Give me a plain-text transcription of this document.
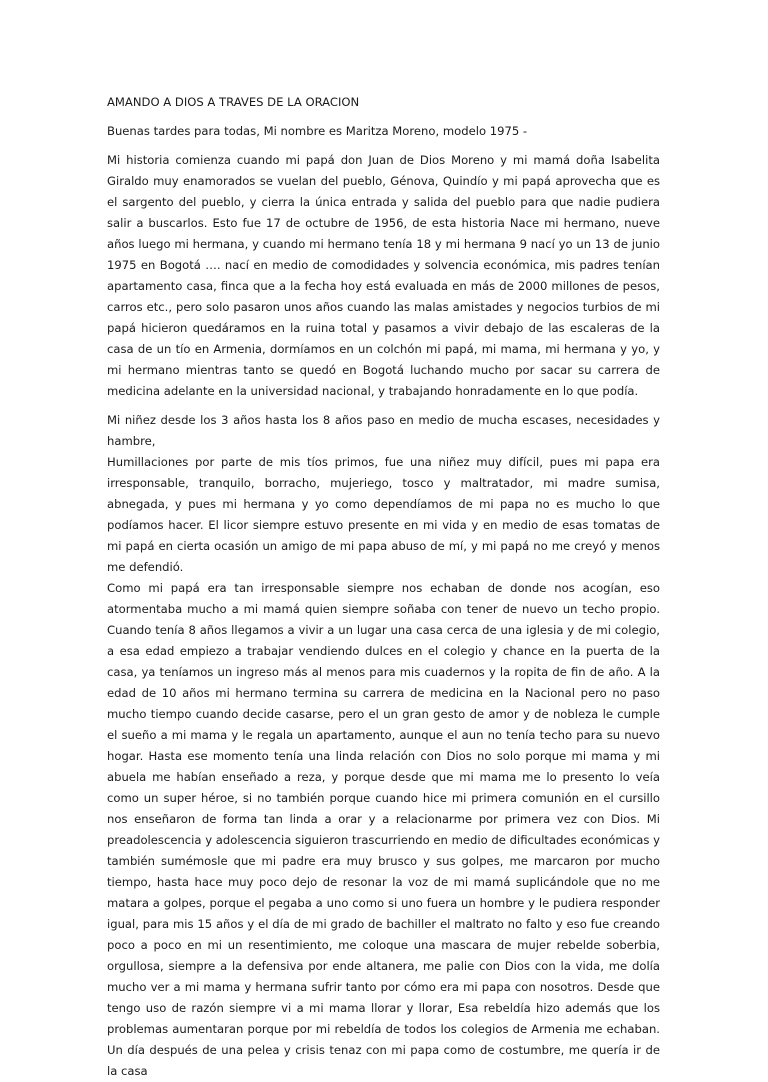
AMANDO A DIOS A TRAVES DE LA ORACION

Buenas tardes para todas, Mi nombre es Maritza Moreno, modelo 1975 -

Mi historia comienza cuando mi papá don Juan de Dios Moreno y mi mamá doña Isabelita Giraldo muy enamorados se vuelan del pueblo, Génova, Quindío y mi papá aprovecha que es el sargento del pueblo, y cierra la única entrada y salida del pueblo para que nadie pudiera salir a buscarlos. Esto fue 17 de octubre de 1956, de esta historia Nace mi hermano, nueve años luego mi hermana, y cuando mi hermano tenía 18 y mi hermana 9 nací yo un 13 de junio 1975 en Bogotá …. nací en medio de comodidades y solvencia económica, mis padres tenían apartamento casa, finca que a la fecha hoy está evaluada en más de 2000 millones de pesos, carros etc., pero solo pasaron unos años cuando las malas amistades y negocios turbios de mi papá hicieron quedáramos en la ruina total y pasamos a vivir debajo de las escaleras de la casa de un tío en Armenia, dormíamos en un colchón mi papá, mi mama, mi hermana y yo, y mi hermano mientras tanto se quedó en Bogotá luchando mucho por sacar su carrera de medicina adelante en la universidad nacional, y trabajando honradamente en lo que podía.

Mi niñez desde los 3 años hasta los 8 años paso en medio de mucha escases, necesidades y hambre,

Humillaciones por parte de mis tíos primos, fue una niñez muy difícil, pues mi papa era irresponsable, tranquilo, borracho, mujeriego, tosco y maltratador, mi madre sumisa, abnegada, y pues mi hermana y yo como dependíamos de mi papa no es mucho lo que podíamos hacer. El licor siempre estuvo presente en mi vida y en medio de esas tomatas de mi papá en cierta ocasión un amigo de mi papa abuso de mí, y mi papá no me creyó y menos me defendió.

Como mi papá era tan irresponsable siempre nos echaban de donde nos acogían, eso atormentaba mucho a mi mamá quien siempre soñaba con tener de nuevo un techo propio. Cuando tenía 8 años llegamos a vivir a un lugar una casa cerca de una iglesia y de mi colegio, a esa edad empiezo a trabajar vendiendo dulces en el colegio y chance en la puerta de la casa, ya teníamos un ingreso más al menos para mis cuadernos y la ropita de fin de año. A la edad de 10 años mi hermano termina su carrera de medicina en la Nacional pero no paso mucho tiempo cuando decide casarse, pero el un gran gesto de amor y de nobleza le cumple el sueño a mi mama y le regala un apartamento, aunque el aun no tenía techo para su nuevo hogar. Hasta ese momento tenía una linda relación con Dios no solo porque mi mama y mi abuela me habían enseñado a reza, y porque desde que mi mama me lo presento lo veía como un super héroe, si no también porque cuando hice mi primera comunión en el cursillo nos enseñaron de forma tan linda a orar y a relacionarme por primera vez con Dios. Mi preadolescencia y adolescencia siguieron trascurriendo en medio de dificultades económicas y también sumémosle que mi padre era muy brusco y sus golpes, me marcaron por mucho tiempo, hasta hace muy poco dejo de resonar la voz de mi mamá suplicándole que no me matara a golpes, porque el pegaba a uno como si uno fuera un hombre y le pudiera responder igual, para mis 15 años y el día de mi grado de bachiller el maltrato no falto y eso fue creando poco a poco en mi un resentimiento, me coloque una mascara de mujer rebelde soberbia, orgullosa, siempre a la defensiva por ende altanera, me palie con Dios con la vida, me dolía mucho ver a mi mama y hermana sufrir tanto por cómo era mi papa con nosotros. Desde que tengo uso de razón siempre vi a mi mama llorar y llorar, Esa rebeldía hizo además que los problemas aumentaran porque por mi rebeldía de todos los colegios de Armenia me echaban. Un día después de una pelea y crisis tenaz con mi papa como de costumbre, me quería ir de la casa
